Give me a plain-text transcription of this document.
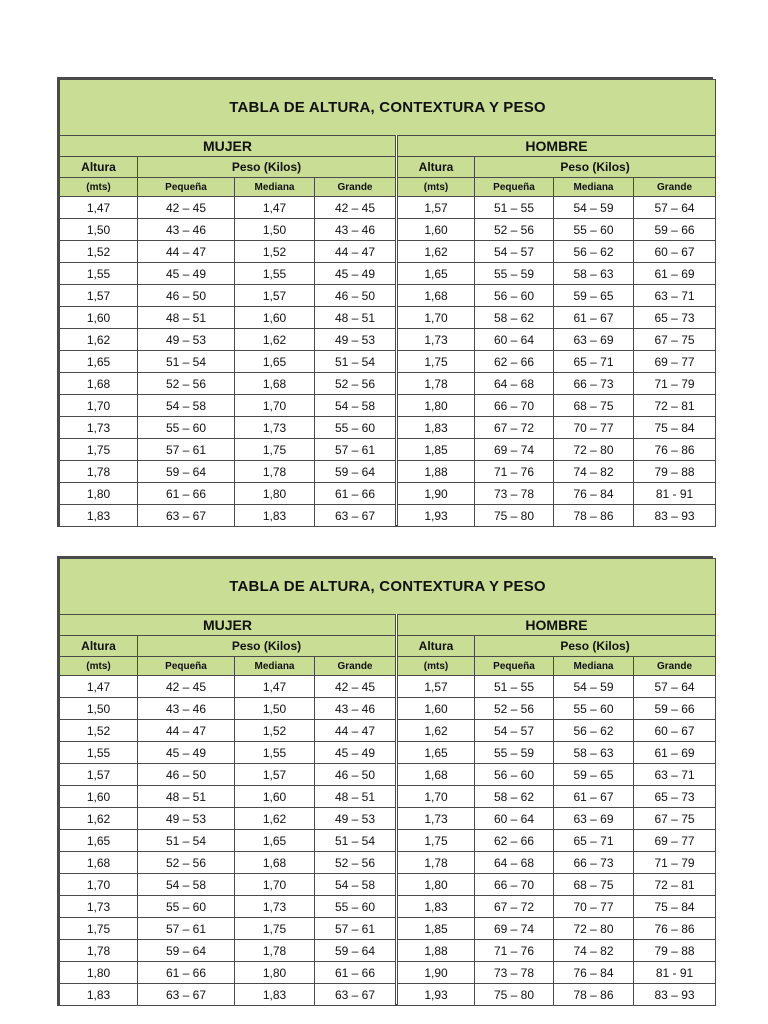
TABLA DE ALTURA, CONTEXTURA Y PESO							
MUJER				HOMBRE			
Altura	Peso (Kilos)			Altura	Peso (Kilos)		
(mts)	Pequeña	Mediana	Grande	(mts)	Pequeña	Mediana	Grande
1,47	42 – 45	1,47	42 – 45	1,57	51 – 55	54 – 59	57 – 64
1,50	43 – 46	1,50	43 – 46	1,60	52 – 56	55 – 60	59 – 66
1,52	44 – 47	1,52	44 – 47	1,62	54 – 57	56 – 62	60 – 67
1,55	45 – 49	1,55	45 – 49	1,65	55 – 59	58 – 63	61 – 69
1,57	46 – 50	1,57	46 – 50	1,68	56 – 60	59 – 65	63 – 71
1,60	48 – 51	1,60	48 – 51	1,70	58 – 62	61 – 67	65 – 73
1,62	49 – 53	1,62	49 – 53	1,73	60 – 64	63 – 69	67 – 75
1,65	51 – 54	1,65	51 – 54	1,75	62 – 66	65 – 71	69 – 77
1,68	52 – 56	1,68	52 – 56	1,78	64 – 68	66 – 73	71 – 79
1,70	54 – 58	1,70	54 – 58	1,80	66 – 70	68 – 75	72 – 81
1,73	55 – 60	1,73	55 – 60	1,83	67 – 72	70 – 77	75 – 84
1,75	57 – 61	1,75	57 – 61	1,85	69 – 74	72 – 80	76 – 86
1,78	59 – 64	1,78	59 – 64	1,88	71 – 76	74 – 82	79 – 88
1,80	61 – 66	1,80	61 – 66	1,90	73 – 78	76 – 84	81 - 91
1,83	63 – 67	1,83	63 – 67	1,93	75 – 80	78 – 86	83 – 93
TABLA DE ALTURA, CONTEXTURA Y PESO							
MUJER				HOMBRE			
Altura	Peso (Kilos)			Altura	Peso (Kilos)		
(mts)	Pequeña	Mediana	Grande	(mts)	Pequeña	Mediana	Grande
1,47	42 – 45	1,47	42 – 45	1,57	51 – 55	54 – 59	57 – 64
1,50	43 – 46	1,50	43 – 46	1,60	52 – 56	55 – 60	59 – 66
1,52	44 – 47	1,52	44 – 47	1,62	54 – 57	56 – 62	60 – 67
1,55	45 – 49	1,55	45 – 49	1,65	55 – 59	58 – 63	61 – 69
1,57	46 – 50	1,57	46 – 50	1,68	56 – 60	59 – 65	63 – 71
1,60	48 – 51	1,60	48 – 51	1,70	58 – 62	61 – 67	65 – 73
1,62	49 – 53	1,62	49 – 53	1,73	60 – 64	63 – 69	67 – 75
1,65	51 – 54	1,65	51 – 54	1,75	62 – 66	65 – 71	69 – 77
1,68	52 – 56	1,68	52 – 56	1,78	64 – 68	66 – 73	71 – 79
1,70	54 – 58	1,70	54 – 58	1,80	66 – 70	68 – 75	72 – 81
1,73	55 – 60	1,73	55 – 60	1,83	67 – 72	70 – 77	75 – 84
1,75	57 – 61	1,75	57 – 61	1,85	69 – 74	72 – 80	76 – 86
1,78	59 – 64	1,78	59 – 64	1,88	71 – 76	74 – 82	79 – 88
1,80	61 – 66	1,80	61 – 66	1,90	73 – 78	76 – 84	81 - 91
1,83	63 – 67	1,83	63 – 67	1,93	75 – 80	78 – 86	83 – 93
